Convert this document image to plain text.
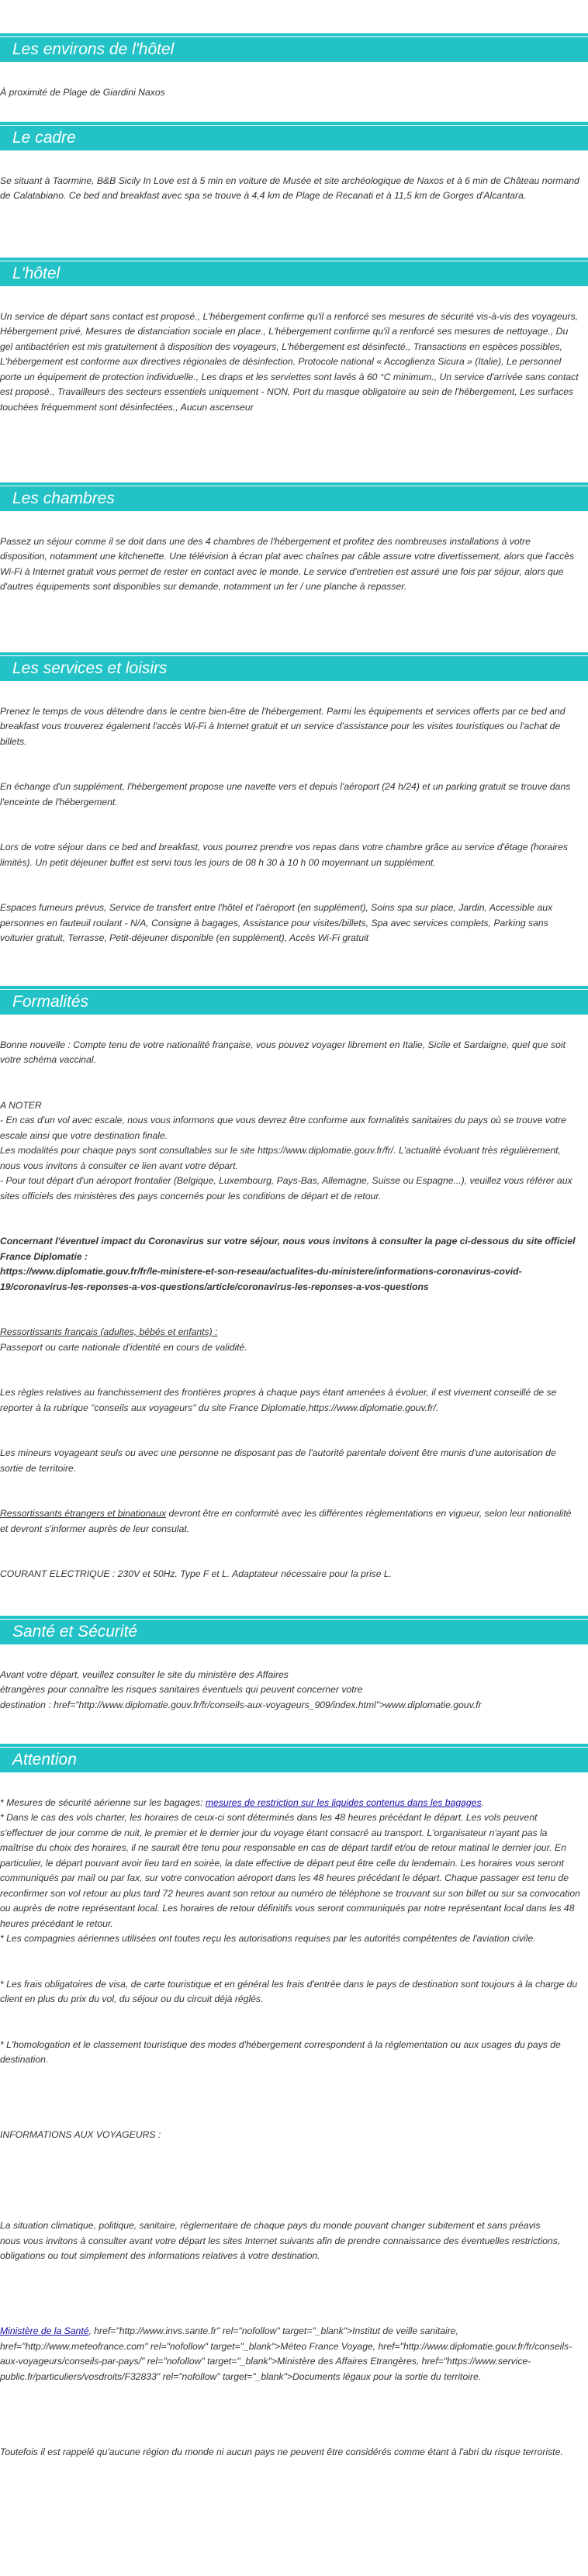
Les environs de l'hôtel

À proximité de Plage de Giardini Naxos

Le cadre

Se situant à Taormine, B&B Sicily In Love est à 5 min en voiture de Musée et site archéologique de Naxos et à 6 min de Château normand de Calatabiano. Ce bed and breakfast avec spa se trouve à 4,4 km de Plage de Recanati et à 11,5 km de Gorges d'Alcantara.

L'hôtel

Un service de départ sans contact est proposé., L'hébergement confirme qu'il a renforcé ses mesures de sécurité vis-à-vis des voyageurs, Hébergement privé, Mesures de distanciation sociale en place., L'hébergement confirme qu'il a renforcé ses mesures de nettoyage., Du gel antibactérien est mis gratuitement à disposition des voyageurs, L'hébergement est désinfecté., Transactions en espèces possibles, L'hébergement est conforme aux directives régionales de désinfection. Protocole national « Accoglienza Sicura » (Italie), Le personnel porte un équipement de protection individuelle., Les draps et les serviettes sont lavés à 60 °C minimum., Un service d'arrivée sans contact est proposé., Travailleurs des secteurs essentiels uniquement - NON, Port du masque obligatoire au sein de l'hébergement, Les surfaces touchées fréquemment sont désinfectées., Aucun ascenseur

Les chambres

Passez un séjour comme il se doit dans une des 4 chambres de l'hébergement et profitez des nombreuses installations à votre disposition, notamment une kitchenette. Une télévision à écran plat avec chaînes par câble assure votre divertissement, alors que l'accès Wi-Fi à Internet gratuit vous permet de rester en contact avec le monde. Le service d'entretien est assuré une fois par séjour, alors que d'autres équipements sont disponibles sur demande, notamment un fer / une planche à repasser.

Les services et loisirs

Prenez le temps de vous détendre dans le centre bien-être de l'hébergement. Parmi les équipements et services offerts par ce bed and breakfast vous trouverez également l'accès Wi-Fi à Internet gratuit et un service d'assistance pour les visites touristiques ou l'achat de billets.

En échange d'un supplément, l'hébergement propose une navette vers et depuis l'aéroport (24 h/24) et un parking gratuit se trouve dans l'enceinte de l'hébergement.

Lors de votre séjour dans ce bed and breakfast, vous pourrez prendre vos repas dans votre chambre grâce au service d'étage (horaires limités). Un petit déjeuner buffet est servi tous les jours de 08 h 30 à 10 h 00 moyennant un supplément.

Espaces fumeurs prévus, Service de transfert entre l'hôtel et l'aéroport (en supplément), Soins spa sur place, Jardin, Accessible aux personnes en fauteuil roulant - N/A, Consigne à bagages, Assistance pour visites/billets, Spa avec services complets, Parking sans voiturier gratuit, Terrasse, Petit-déjeuner disponible (en supplément), Accès Wi-Fi gratuit

Formalités

Bonne nouvelle : Compte tenu de votre nationalité française, vous pouvez voyager librement en Italie, Sicile et Sardaigne, quel que soit votre schéma vaccinal.

A NOTER
- En cas d'un vol avec escale, nous vous informons que vous devrez être conforme aux formalités sanitaires du pays où se trouve votre escale ainsi que votre destination finale.
Les modalités pour chaque pays sont consultables sur le site https://www.diplomatie.gouv.fr/fr/. L'actualité évoluant très régulièrement, nous vous invitons à consulter ce lien avant votre départ.
- Pour tout départ d'un aéroport frontalier (Belgique, Luxembourg, Pays-Bas, Allemagne, Suisse ou Espagne...), veuillez vous référer aux sites officiels des ministères des pays concernés pour les conditions de départ et de retour.

Concernant l'éventuel impact du Coronavirus sur votre séjour, nous vous invitons à consulter la page ci-dessous du site officiel France Diplomatie :
https://www.diplomatie.gouv.fr/fr/le-ministere-et-son-reseau/actualites-du-ministere/informations-coronavirus-covid-19/coronavirus-les-reponses-a-vos-questions/article/coronavirus-les-reponses-a-vos-questions

Ressortissants français (adultes, bébés et enfants) :
Passeport ou carte nationale d'identité en cours de validité.

Les règles relatives au franchissement des frontières propres à chaque pays étant amenées à évoluer, il est vivement conseillé de se reporter à la rubrique "conseils aux voyageurs" du site France Diplomatie,https://www.diplomatie.gouv.fr/.

Les mineurs voyageant seuls ou avec une personne ne disposant pas de l'autorité parentale doivent être munis d'une autorisation de sortie de territoire.

Ressortissants étrangers et binationaux devront être en conformité avec les différentes réglementations en vigueur, selon leur nationalité et devront s'informer auprès de leur consulat.

COURANT ELECTRIQUE : 230V et 50Hz. Type F et L. Adaptateur nécessaire pour la prise L.

Santé et Sécurité

Avant votre départ, veuillez consulter le site du ministère des Affaires
étrangères pour connaître les risques sanitaires éventuels qui peuvent concerner votre
destination : href="http://www.diplomatie.gouv.fr/fr/conseils-aux-voyageurs_909/index.html">www.diplomatie.gouv.fr

Attention

* Mesures de sécurité aérienne sur les bagages: mesures de restriction sur les liquides contenus dans les bagages.
* Dans le cas des vols charter, les horaires de ceux-ci sont déterminés dans les 48 heures précédant le départ. Les vols peuvent s'effectuer de jour comme de nuit, le premier et le dernier jour du voyage étant consacré au transport. L'organisateur n'ayant pas la maîtrise du choix des horaires, il ne saurait être tenu pour responsable en cas de départ tardif et/ou de retour matinal le dernier jour. En particulier, le départ pouvant avoir lieu tard en soirée, la date effective de départ peut être celle du lendemain. Les horaires vous seront communiqués par mail ou par fax, sur votre convocation aéroport dans les 48 heures précédant le départ. Chaque passager est tenu de reconfirmer son vol retour au plus tard 72 heures avant son retour au numéro de téléphone se trouvant sur son billet ou sur sa convocation ou auprès de notre représentant local. Les horaires de retour définitifs vous seront communiqués par notre représentant local dans les 48 heures précédant le retour.
* Les compagnies aériennes utilisées ont toutes reçu les autorisations requises par les autorités compétentes de l'aviation civile.

* Les frais obligatoires de visa, de carte touristique et en général les frais d'entrée dans le pays de destination sont toujours à la charge du client en plus du prix du vol, du séjour ou du circuit déjà réglés.

* L'homologation et le classement touristique des modes d'hébergement correspondent à la réglementation ou aux usages du pays de destination.

INFORMATIONS AUX VOYAGEURS :

La situation climatique, politique, sanitaire, réglementaire de chaque pays du monde pouvant changer subitement et sans préavis
nous vous invitons à consulter avant votre départ les sites Internet suivants afin de prendre connaissance des éventuelles restrictions, obligations ou tout simplement des informations relatives à votre destination.

Ministère de la Santé, href="http://www.invs.sante.fr" rel="nofollow" target="_blank">Institut de veille sanitaire, href="http://www.meteofrance.com" rel="nofollow" target="_blank">Méteo France Voyage, href="http://www.diplomatie.gouv.fr/fr/conseils-aux-voyageurs/conseils-par-pays/" rel="nofollow" target="_blank">Ministère des Affaires Etrangères, href="https://www.service-public.fr/particuliers/vosdroits/F32833" rel="nofollow" target="_blank">Documents légaux pour la sortie du territoire.

Toutefois il est rappelé qu'aucune région du monde ni aucun pays ne peuvent être considérés comme étant à l'abri du risque terroriste.
